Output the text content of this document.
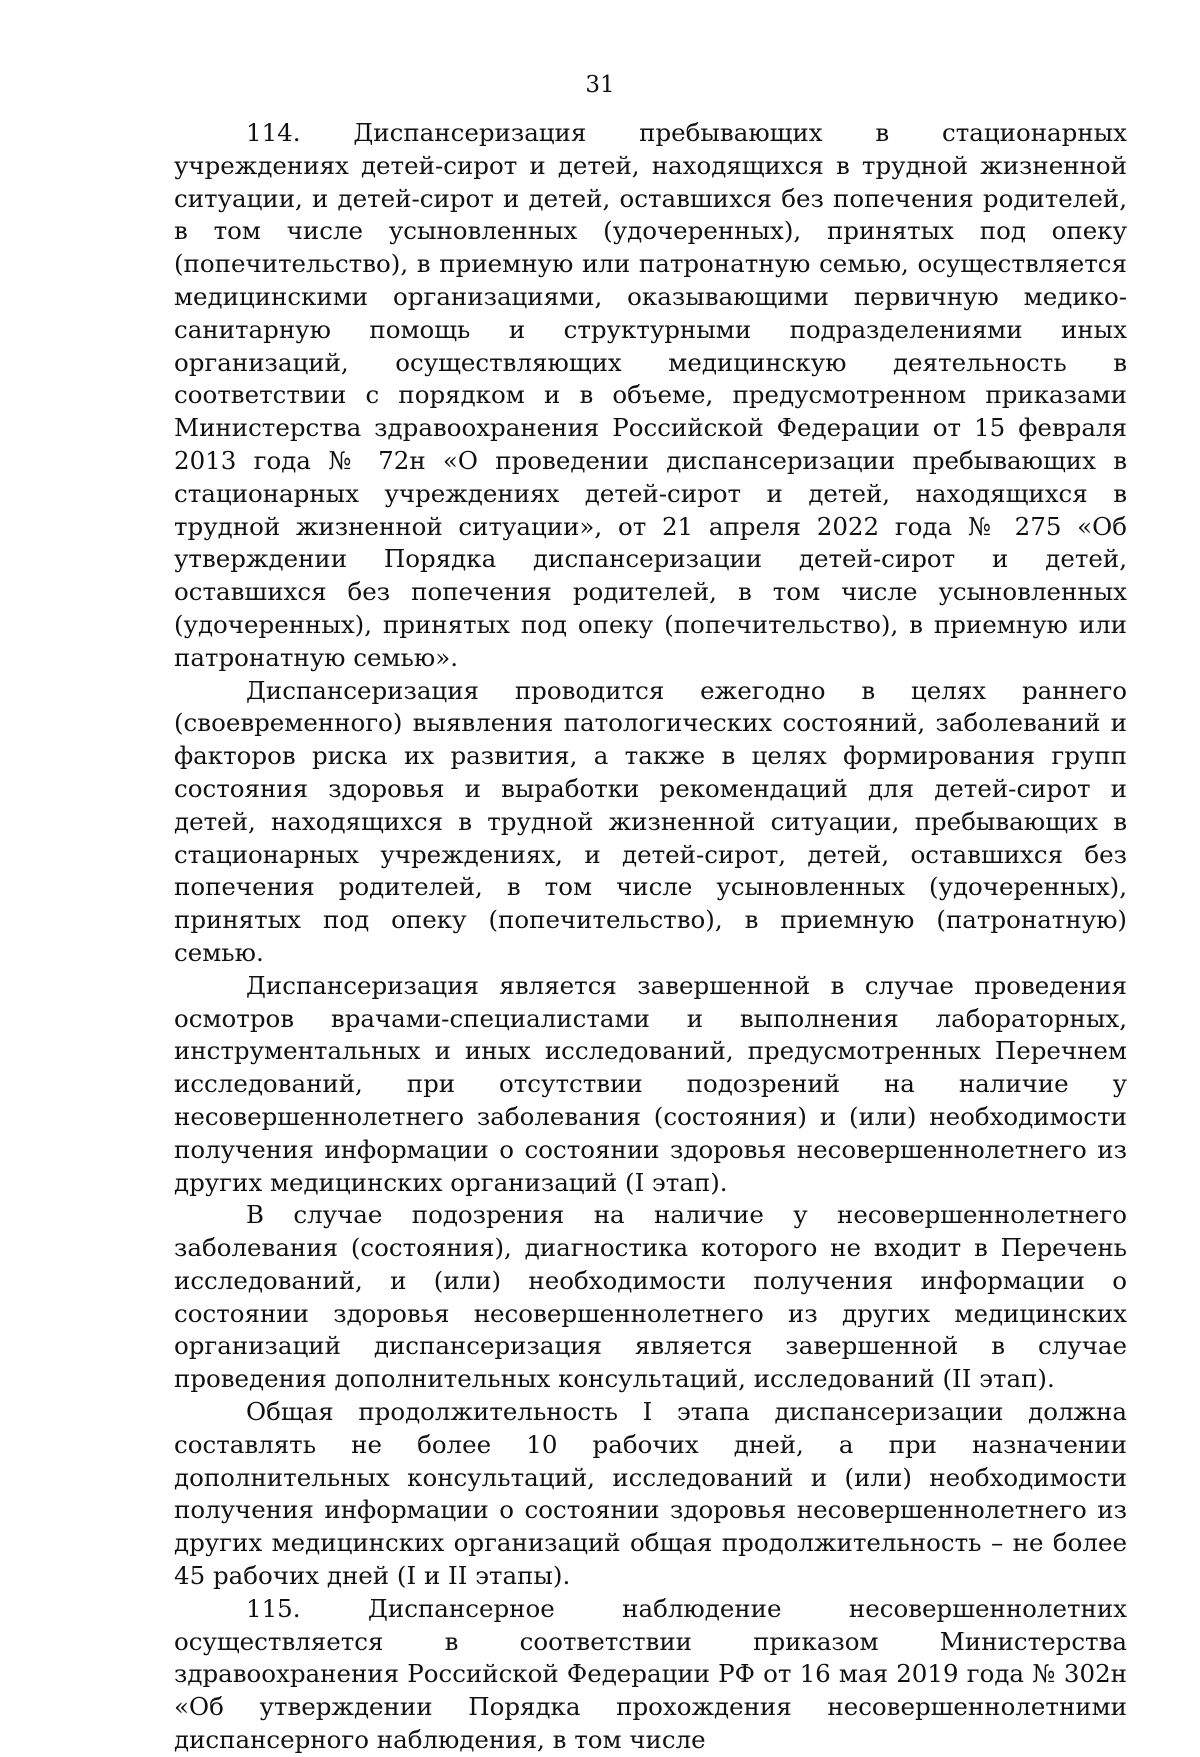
31

114. Диспансеризация пребывающих в стационарных учреждениях детей-сирот и детей, находящихся в трудной жизненной ситуации, и детей-сирот и детей, оставшихся без попечения родителей, в том числе усыновленных (удочеренных), принятых под опеку (попечительство), в приемную или патронатную семью, осуществляется медицинскими организациями, оказывающими первичную медико-санитарную помощь и структурными подразделениями иных организаций, осуществляющих медицинскую деятельность в соответствии с порядком и в объеме, предусмотренном приказами Министерства здравоохранения Российской Федерации от 15 февраля 2013 года № 72н «О проведении диспансеризации пребывающих в стационарных учреждениях детей-сирот и детей, находящихся в трудной жизненной ситуации», от 21 апреля 2022 года № 275 «Об утверждении Порядка диспансеризации детей-сирот и детей, оставшихся без попечения родителей, в том числе усыновленных (удочеренных), принятых под опеку (попечительство), в приемную или патронатную семью».

Диспансеризация проводится ежегодно в целях раннего (своевременного) выявления патологических состояний, заболеваний и факторов риска их развития, а также в целях формирования групп состояния здоровья и выработки рекомендаций для детей-сирот и детей, находящихся в трудной жизненной ситуации, пребывающих в стационарных учреждениях, и детей-сирот, детей, оставшихся без попечения родителей, в том числе усыновленных (удочеренных), принятых под опеку (попечительство), в приемную (патронатную) семью.

Диспансеризация является завершенной в случае проведения осмотров врачами-специалистами и выполнения лабораторных, инструментальных и иных исследований, предусмотренных Перечнем исследований, при отсутствии подозрений на наличие у несовершеннолетнего заболевания (состояния) и (или) необходимости получения информации о состоянии здоровья несовершеннолетнего из других медицинских организаций (I этап).

В случае подозрения на наличие у несовершеннолетнего заболевания (состояния), диагностика которого не входит в Перечень исследований, и (или) необходимости получения информации о состоянии здоровья несовершеннолетнего из других медицинских организаций диспансеризация является завершенной в случае проведения дополнительных консультаций, исследований (II этап).

Общая продолжительность I этапа диспансеризации должна составлять не более 10 рабочих дней, а при назначении дополнительных консультаций, исследований и (или) необходимости получения информации о состоянии здоровья несовершеннолетнего из других медицинских организаций общая продолжительность – не более 45 рабочих дней (I и II этапы).

115. Диспансерное наблюдение несовершеннолетних осуществляется в соответствии приказом Министерства здравоохранения Российской Федерации РФ от 16 мая 2019 года № 302н «Об утверждении Порядка прохождения несовершеннолетними диспансерного наблюдения, в том числе
